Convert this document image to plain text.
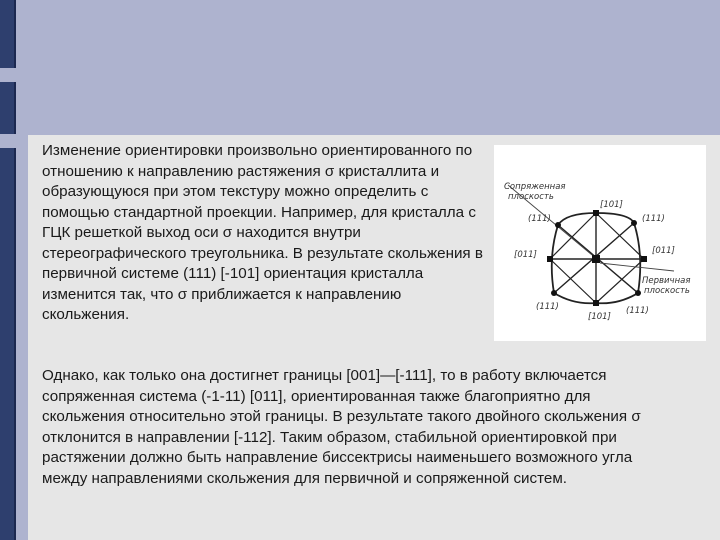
Изменение ориентировки произвольно ориентированного по отношению к направлению растяжения σ кристаллита и образующуюся при этом текстуру можно определить с помощью стандартной проекции. Например, для кристалла с ГЦК решеткой выход оси σ находится внутри стереографического треугольника. В результате скольжения в первичной системе (111) [-101] ориентация кристалла изменится так, что σ приближается к направлению скольжения.

Сопряженная
плоскость
Первичная
плоскость
[101]
[101]
[011]	[011]
(111)	(111)
(111)	(111)

Однако, как только она достигнет границы [001]—[-111], то в работу включается сопряженная система (-1-11) [011], ориентированная также благоприятно для скольжения относительно этой границы. В результате такого двойного скольжения σ отклонится в направлении [-112]. Таким образом, стабильной ориентировкой при растяжении должно быть направление биссектрисы наименьшего возможного угла между направлениями скольжения для первичной и сопряженной систем.
